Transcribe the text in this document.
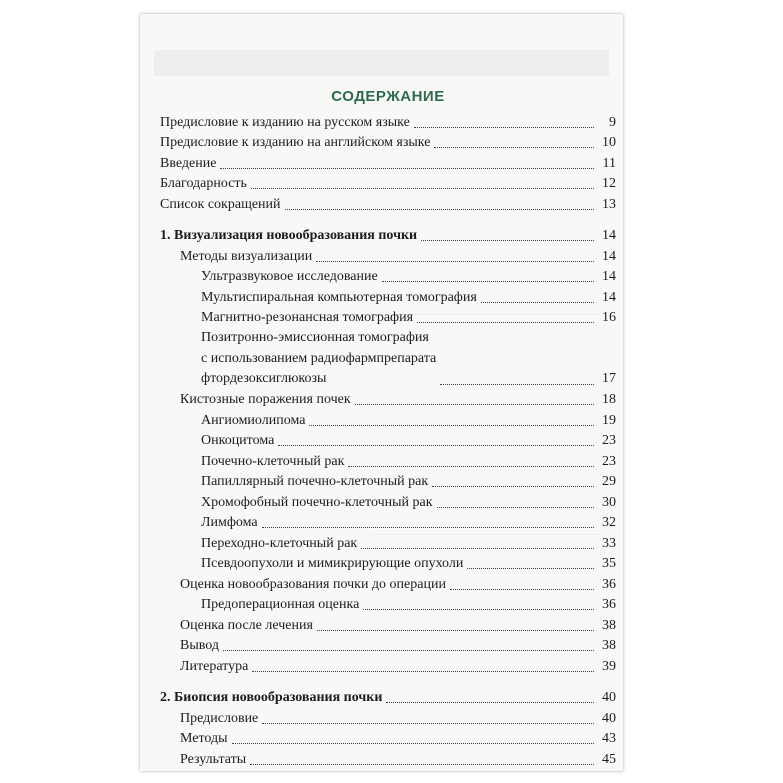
СОДЕРЖАНИЕ
Предисловие к изданию на русском языке	9
Предисловие к изданию на английском языке	10
Введение	11
Благодарность	12
Список сокращений	13
1. Визуализация новообразования почки	14
Методы визуализации	14
Ультразвуковое исследование	14
Мультиспиральная компьютерная томография	14
Магнитно-резонансная томография	16
Позитронно-эмиссионная томография
с использованием радиофармпрепарата
фтордезоксиглюкозы	17
Кистозные поражения почек	18
Ангиомиолипома	19
Онкоцитома	23
Почечно-клеточный рак	23
Папиллярный почечно-клеточный рак	29
Хромофобный почечно-клеточный рак	30
Лимфома	32
Переходно-клеточный рак	33
Псевдоопухоли и мимикрирующие опухоли	35
Оценка новообразования почки до операции	36
Предоперационная оценка	36
Оценка после лечения	38
Вывод	38
Литература	39
2. Биопсия новообразования почки	40
Предисловие	40
Методы	43
Результаты	45
